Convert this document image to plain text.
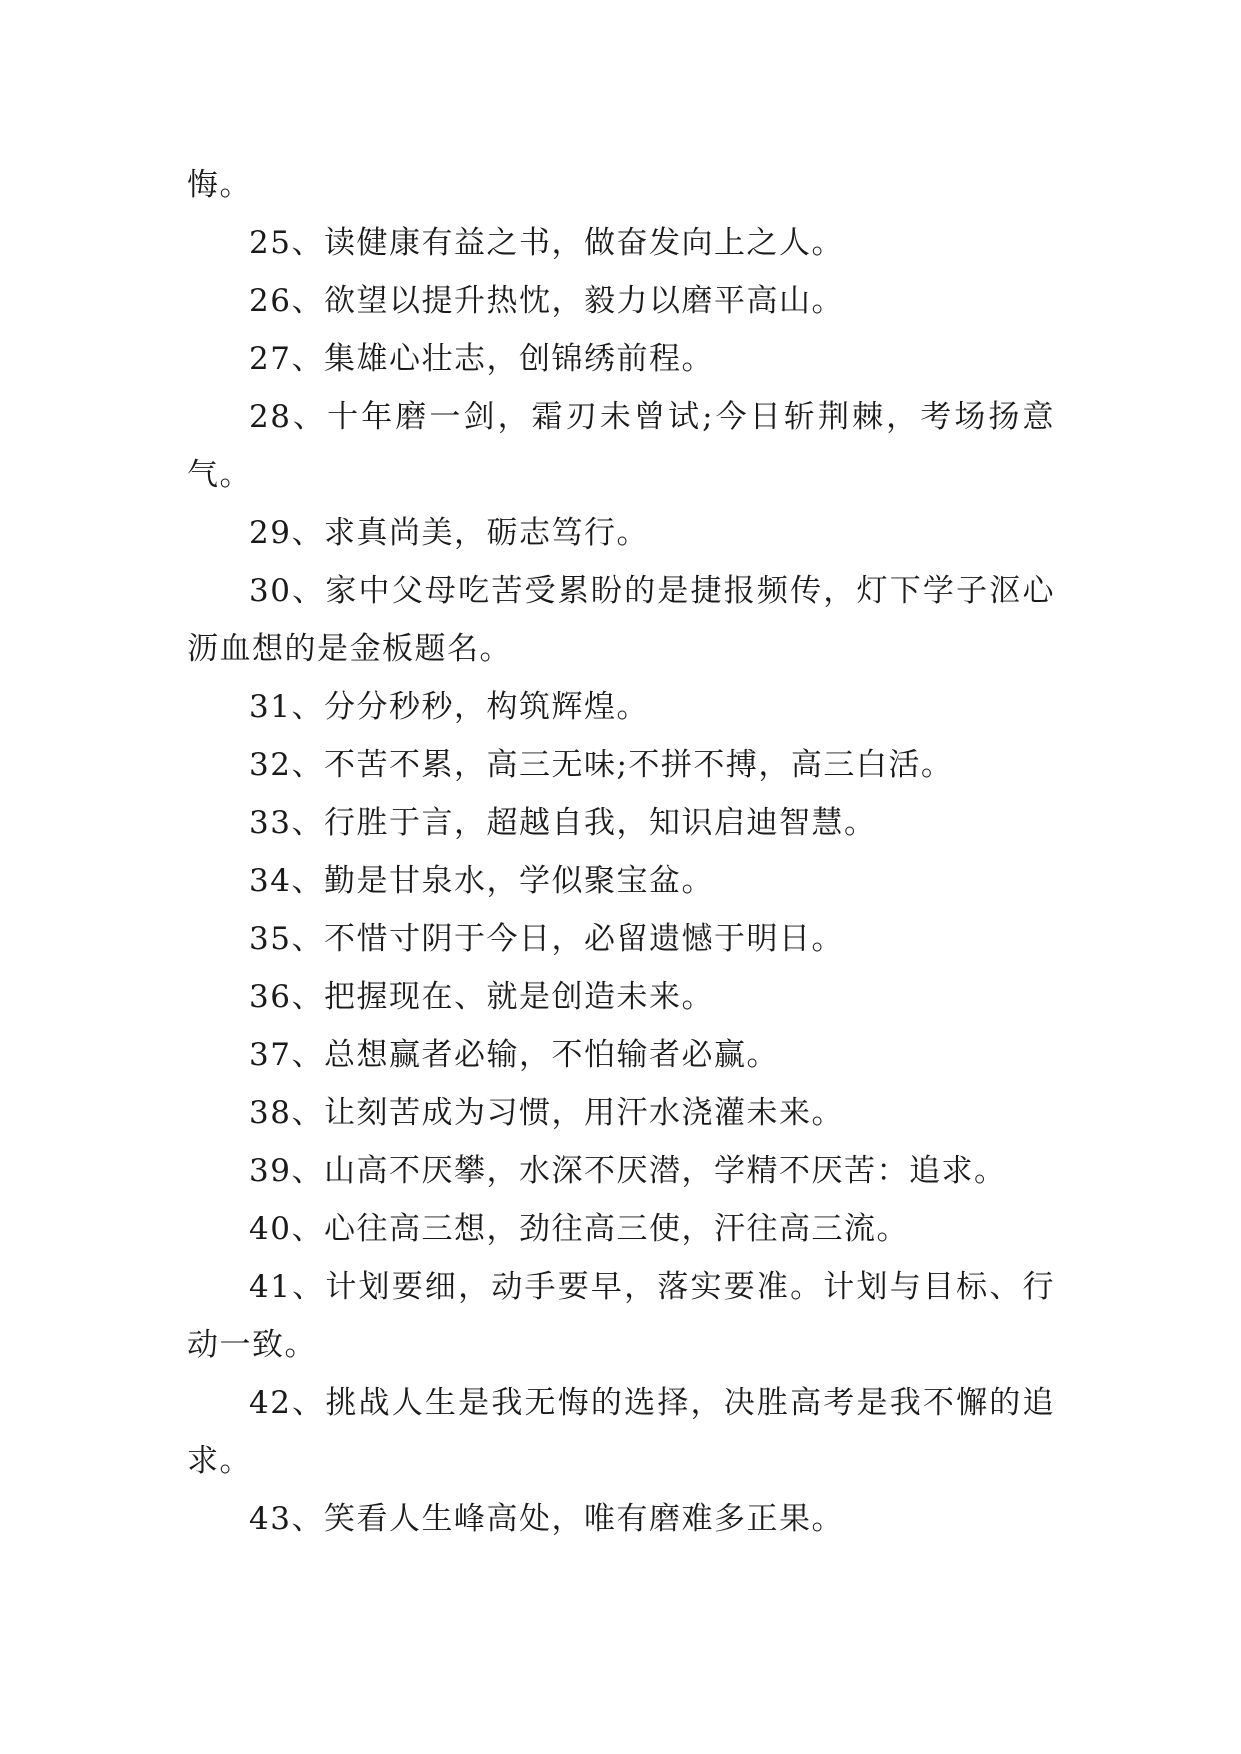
悔。

25、读健康有益之书，做奋发向上之人。

26、欲望以提升热忱，毅力以磨平高山。

27、集雄心壮志，创锦绣前程。

28、十年磨一剑，霜刃未曾试;今日斩荆棘，考场扬意气。

29、求真尚美，砺志笃行。

30、家中父母吃苦受累盼的是捷报频传，灯下学子沤心沥血想的是金板题名。

31、分分秒秒，构筑辉煌。

32、不苦不累，高三无味;不拼不搏，高三白活。

33、行胜于言，超越自我，知识启迪智慧。

34、勤是甘泉水，学似聚宝盆。

35、不惜寸阴于今日，必留遗憾于明日。

36、把握现在、就是创造未来。

37、总想赢者必输，不怕输者必赢。

38、让刻苦成为习惯，用汗水浇灌未来。

39、山高不厌攀，水深不厌潜，学精不厌苦：追求。

40、心往高三想，劲往高三使，汗往高三流。

41、计划要细，动手要早，落实要准。计划与目标、行动一致。

42、挑战人生是我无悔的选择，决胜高考是我不懈的追求。

43、笑看人生峰高处，唯有磨难多正果。
